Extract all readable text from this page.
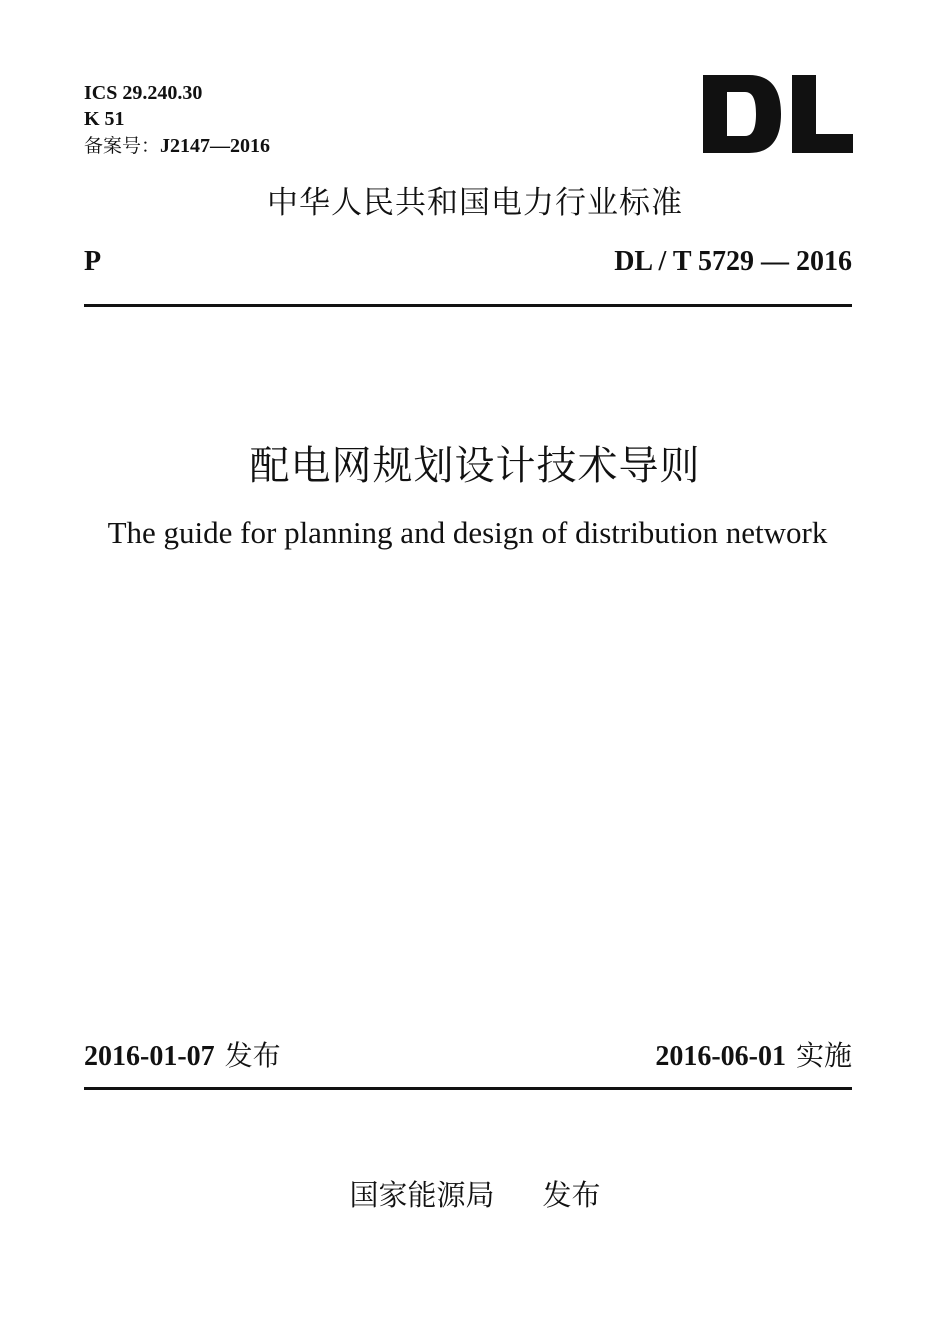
ICS 29.240.30
K 51
备案号：J2147—2016
中华人民共和国电力行业标准
P	DL / T 5729 — 2016
配电网规划设计技术导则
The guide for planning and design of distribution network
2016-01-07 发布	2016-06-01 实施
国家能源局 发布
